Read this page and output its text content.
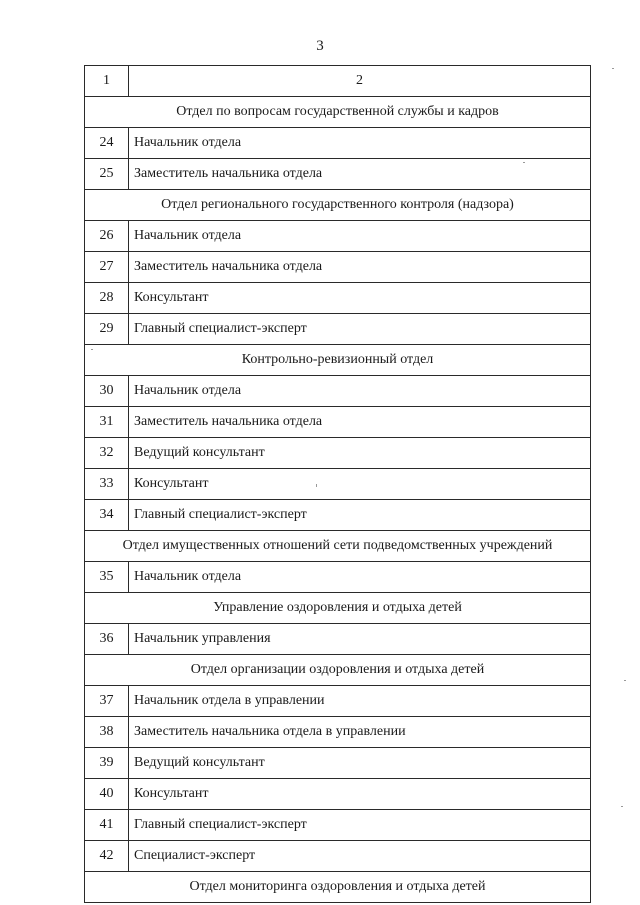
3
1	2
Отдел по вопросам государственной службы и кадров	
24	Начальник отдела
25	Заместитель начальника отдела
Отдел регионального государственного контроля (надзора)	
26	Начальник отдела
27	Заместитель начальника отдела
28	Консультант
29	Главный специалист-эксперт
Контрольно-ревизионный отдел	
30	Начальник отдела
31	Заместитель начальника отдела
32	Ведущий консультант
33	Консультант
34	Главный специалист-эксперт
Отдел имущественных отношений сети подведомственных учреждений	
35	Начальник отдела
Управление оздоровления и отдыха детей	
36	Начальник управления
Отдел организации оздоровления и отдыха детей	
37	Начальник отдела в управлении
38	Заместитель начальника отдела в управлении
39	Ведущий консультант
40	Консультант
41	Главный специалист-эксперт
42	Специалист-эксперт
Отдел мониторинга оздоровления и отдыха детей	
